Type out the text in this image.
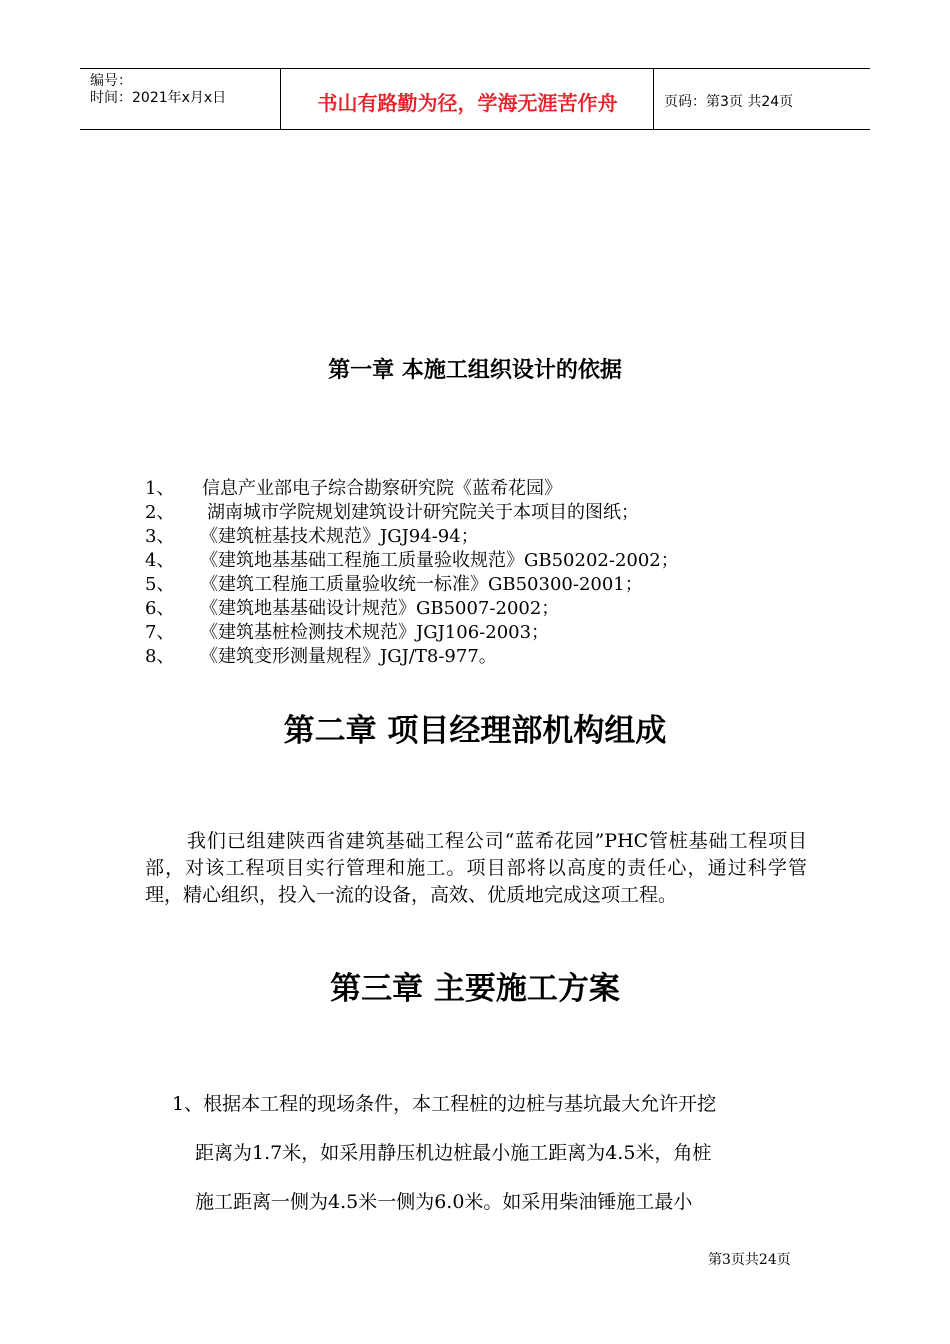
编号：
时间：2021年x月x日	书山有路勤为径，学海无涯苦作舟	页码：第3页 共24页
第一章 本施工组织设计的依据
1、 信息产业部电子综合勘察研究院《蓝希花园》
2、 湖南城市学院规划建筑设计研究院关于本项目的图纸；
3、 《建筑桩基技术规范》JGJ94-94；
4、 《建筑地基基础工程施工质量验收规范》GB50202-2002；
5、 《建筑工程施工质量验收统一标准》GB50300-2001；
6、 《建筑地基基础设计规范》GB5007-2002；
7、 《建筑基桩检测技术规范》JGJ106-2003；
8、 《建筑变形测量规程》JGJ/T8-977。
第二章 项目经理部机构组成

我们已组建陕西省建筑基础工程公司“蓝希花园”PHC管桩基础工程项目部，对该工程项目实行管理和施工。项目部将以高度的责任心，通过科学管理，精心组织，投入一流的设备，高效、优质地完成这项工程。

第三章 主要施工方案
1、根据本工程的现场条件，本工程桩的边桩与基坑最大允许开挖
距离为1.7米，如采用静压机边桩最小施工距离为4.5米，角桩
施工距离一侧为4.5米一侧为6.0米。如采用柴油锤施工最小
第3页共24页
